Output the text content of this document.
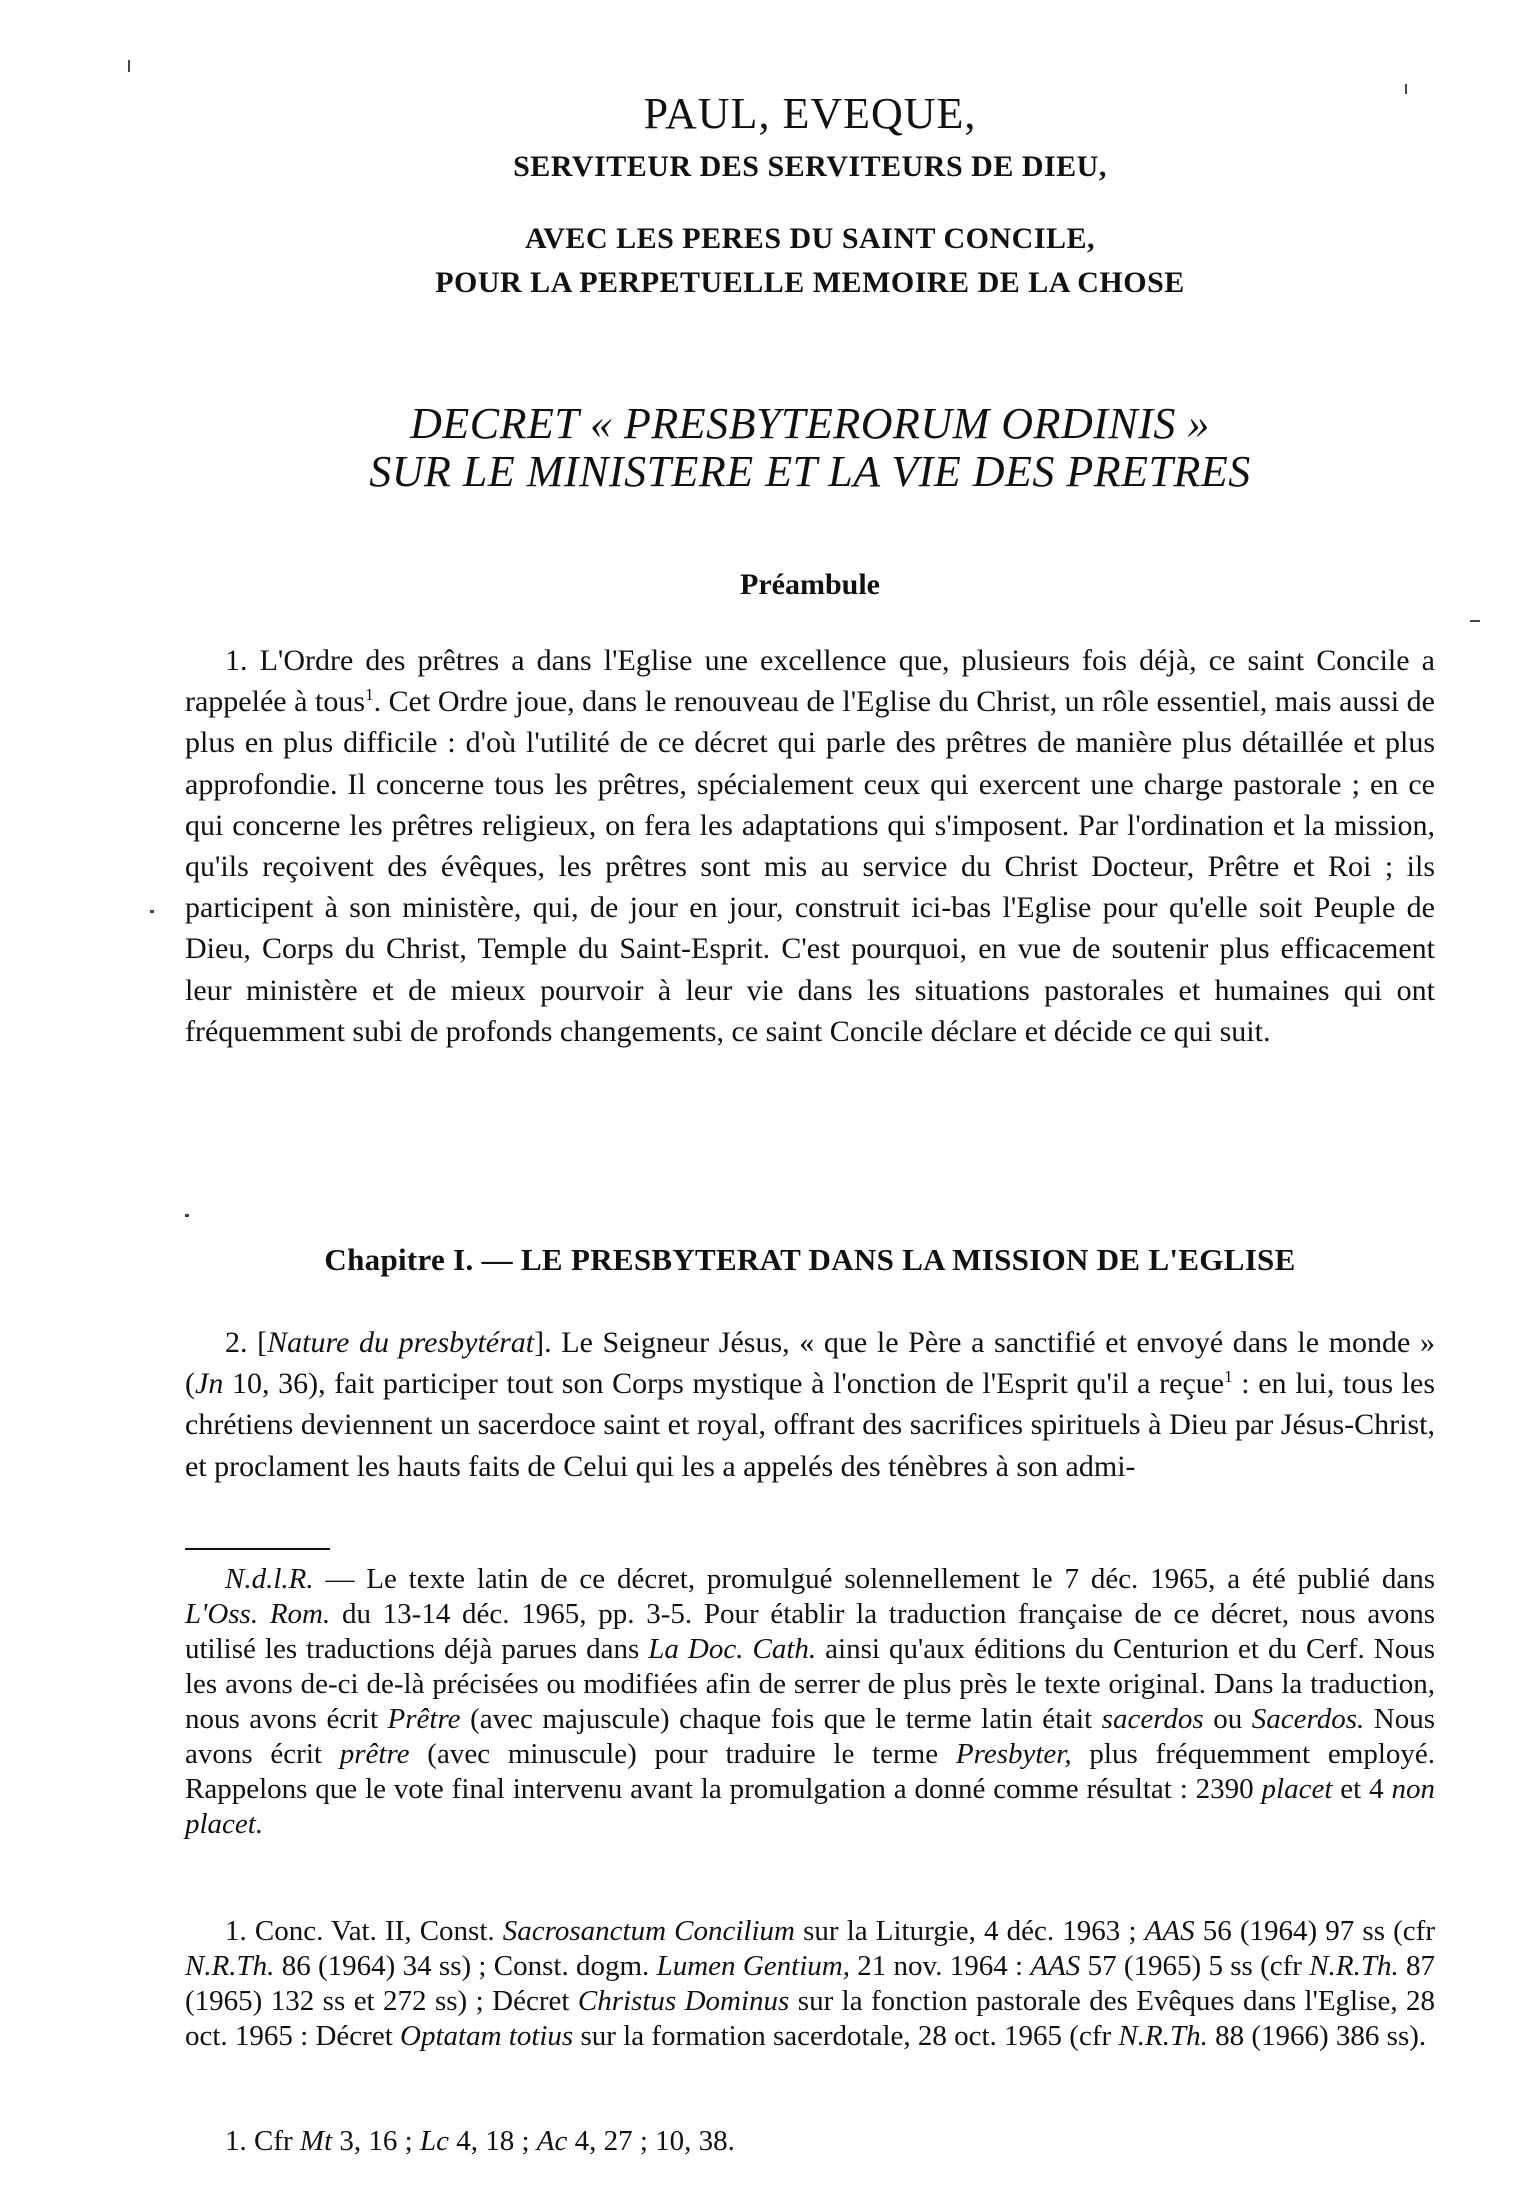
PAUL, EVEQUE,

SERVITEUR DES SERVITEURS DE DIEU,

AVEC LES PERES DU SAINT CONCILE,

POUR LA PERPETUELLE MEMOIRE DE LA CHOSE

DECRET « PRESBYTERORUM ORDINIS »

SUR LE MINISTERE ET LA VIE DES PRETRES

Préambule

1. L'Ordre des prêtres a dans l'Eglise une excellence que, plusieurs fois déjà, ce saint Concile a rappelée à tous$^1$. Cet Ordre joue, dans le renouveau de l'Eglise du Christ, un rôle essentiel, mais aussi de plus en plus difficile : d'où l'utilité de ce décret qui parle des prêtres de manière plus détaillée et plus approfondie. Il concerne tous les prêtres, spécialement ceux qui exercent une charge pastorale ; en ce qui concerne les prêtres religieux, on fera les adaptations qui s'imposent. Par l'ordination et la mission, qu'ils reçoivent des évêques, les prêtres sont mis au service du Christ Docteur, Prêtre et Roi ; ils participent à son ministère, qui, de jour en jour, construit ici-bas l'Eglise pour qu'elle soit Peuple de Dieu, Corps du Christ, Temple du Saint-Esprit. C'est pourquoi, en vue de soutenir plus efficacement leur ministère et de mieux pourvoir à leur vie dans les situations pastorales et humaines qui ont fréquemment subi de profonds changements, ce saint Concile déclare et décide ce qui suit.

Chapitre I. — LE PRESBYTERAT DANS LA MISSION DE L'EGLISE

2. [Nature du presbytérat]. Le Seigneur Jésus, « que le Père a sanctifié et envoyé dans le monde » (Jn 10, 36), fait participer tout son Corps mystique à l'onction de l'Esprit qu'il a reçue$^1$ : en lui, tous les chrétiens deviennent un sacerdoce saint et royal, offrant des sacrifices spirituels à Dieu par Jésus-Christ, et proclament les hauts faits de Celui qui les a appelés des ténèbres à son admi-

N.d.l.R. — Le texte latin de ce décret, promulgué solennellement le 7 déc. 1965, a été publié dans L'Oss. Rom. du 13-14 déc. 1965, pp. 3-5. Pour établir la traduction française de ce décret, nous avons utilisé les traductions déjà parues dans La Doc. Cath. ainsi qu'aux éditions du Centurion et du Cerf. Nous les avons de-ci de-là précisées ou modifiées afin de serrer de plus près le texte original. Dans la traduction, nous avons écrit Prêtre (avec majuscule) chaque fois que le terme latin était sacerdos ou Sacerdos. Nous avons écrit prêtre (avec minuscule) pour traduire le terme Presbyter, plus fréquemment employé. Rappelons que le vote final intervenu avant la promulgation a donné comme résultat : 2390 placet et 4 non placet.

1. Conc. Vat. II, Const. Sacrosanctum Concilium sur la Liturgie, 4 déc. 1963 ; AAS 56 (1964) 97 ss (cfr N.R.Th. 86 (1964) 34 ss) ; Const. dogm. Lumen Gentium, 21 nov. 1964 : AAS 57 (1965) 5 ss (cfr N.R.Th. 87 (1965) 132 ss et 272 ss) ; Décret Christus Dominus sur la fonction pastorale des Evêques dans l'Eglise, 28 oct. 1965 : Décret Optatam totius sur la formation sacerdotale, 28 oct. 1965 (cfr N.R.Th. 88 (1966) 386 ss).

1. Cfr Mt 3, 16 ; Lc 4, 18 ; Ac 4, 27 ; 10, 38.
